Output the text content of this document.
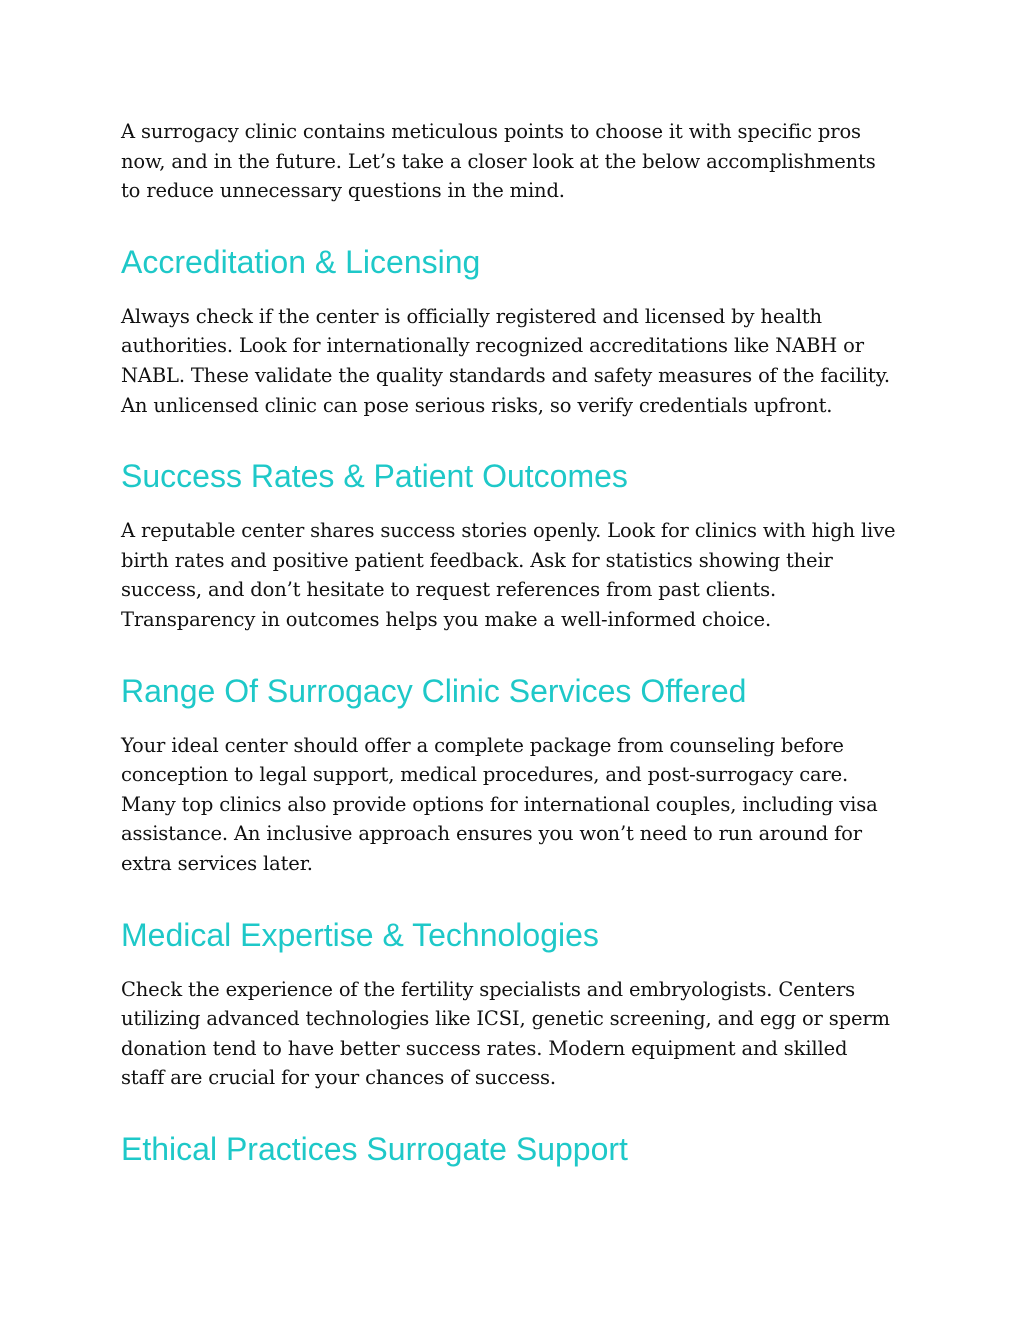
A surrogacy clinic contains meticulous points to choose it with specific pros
now, and in the future. Let’s take a closer look at the below accomplishments
to reduce unnecessary questions in the mind.

Accreditation & Licensing

Always check if the center is officially registered and licensed by health
authorities. Look for internationally recognized accreditations like NABH or
NABL. These validate the quality standards and safety measures of the facility.
An unlicensed clinic can pose serious risks, so verify credentials upfront.

Success Rates & Patient Outcomes

A reputable center shares success stories openly. Look for clinics with high live
birth rates and positive patient feedback. Ask for statistics showing their
success, and don’t hesitate to request references from past clients.
Transparency in outcomes helps you make a well-informed choice.

Range Of Surrogacy Clinic Services Offered

Your ideal center should offer a complete package from counseling before
conception to legal support, medical procedures, and post-surrogacy care.
Many top clinics also provide options for international couples, including visa
assistance. An inclusive approach ensures you won’t need to run around for
extra services later.

Medical Expertise & Technologies

Check the experience of the fertility specialists and embryologists. Centers
utilizing advanced technologies like ICSI, genetic screening, and egg or sperm
donation tend to have better success rates. Modern equipment and skilled
staff are crucial for your chances of success.

Ethical Practices Surrogate Support
